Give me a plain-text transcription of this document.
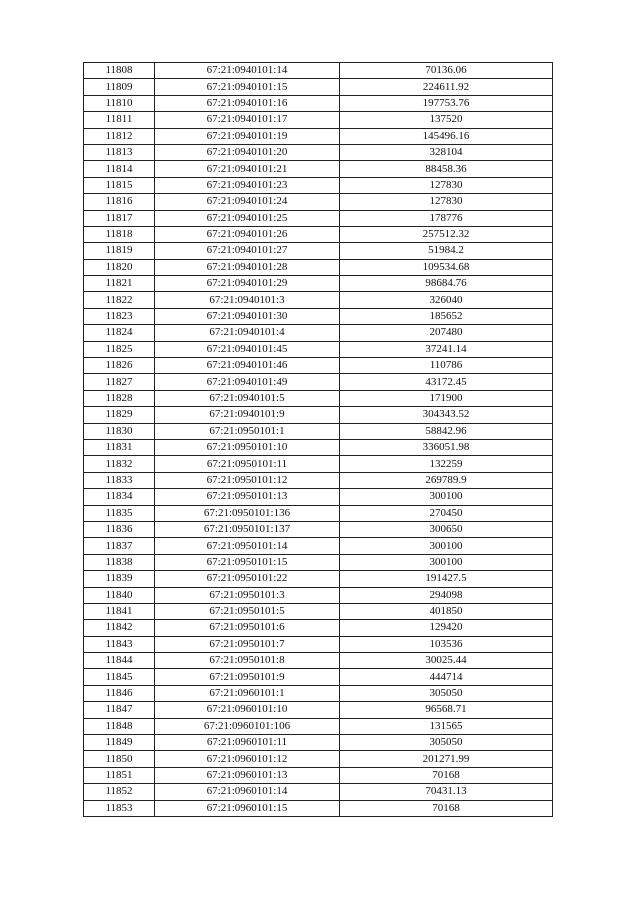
11808	67:21:0940101:14	70136.06
11809	67:21:0940101:15	224611.92
11810	67:21:0940101:16	197753.76
11811	67:21:0940101:17	137520
11812	67:21:0940101:19	145496.16
11813	67:21:0940101:20	328104
11814	67:21:0940101:21	88458.36
11815	67:21:0940101:23	127830
11816	67:21:0940101:24	127830
11817	67:21:0940101:25	178776
11818	67:21:0940101:26	257512.32
11819	67:21:0940101:27	51984.2
11820	67:21:0940101:28	109534.68
11821	67:21:0940101:29	98684.76
11822	67:21:0940101:3	326040
11823	67:21:0940101:30	185652
11824	67:21:0940101:4	207480
11825	67:21:0940101:45	37241.14
11826	67:21:0940101:46	110786
11827	67:21:0940101:49	43172.45
11828	67:21:0940101:5	171900
11829	67:21:0940101:9	304343.52
11830	67:21:0950101:1	58842.96
11831	67:21:0950101:10	336051.98
11832	67:21:0950101:11	132259
11833	67:21:0950101:12	269789.9
11834	67:21:0950101:13	300100
11835	67:21:0950101:136	270450
11836	67:21:0950101:137	300650
11837	67:21:0950101:14	300100
11838	67:21:0950101:15	300100
11839	67:21:0950101:22	191427.5
11840	67:21:0950101:3	294098
11841	67:21:0950101:5	401850
11842	67:21:0950101:6	129420
11843	67:21:0950101:7	103536
11844	67:21:0950101:8	30025.44
11845	67:21:0950101:9	444714
11846	67:21:0960101:1	305050
11847	67:21:0960101:10	96568.71
11848	67:21:0960101:106	131565
11849	67:21:0960101:11	305050
11850	67:21:0960101:12	201271.99
11851	67:21:0960101:13	70168
11852	67:21:0960101:14	70431.13
11853	67:21:0960101:15	70168
